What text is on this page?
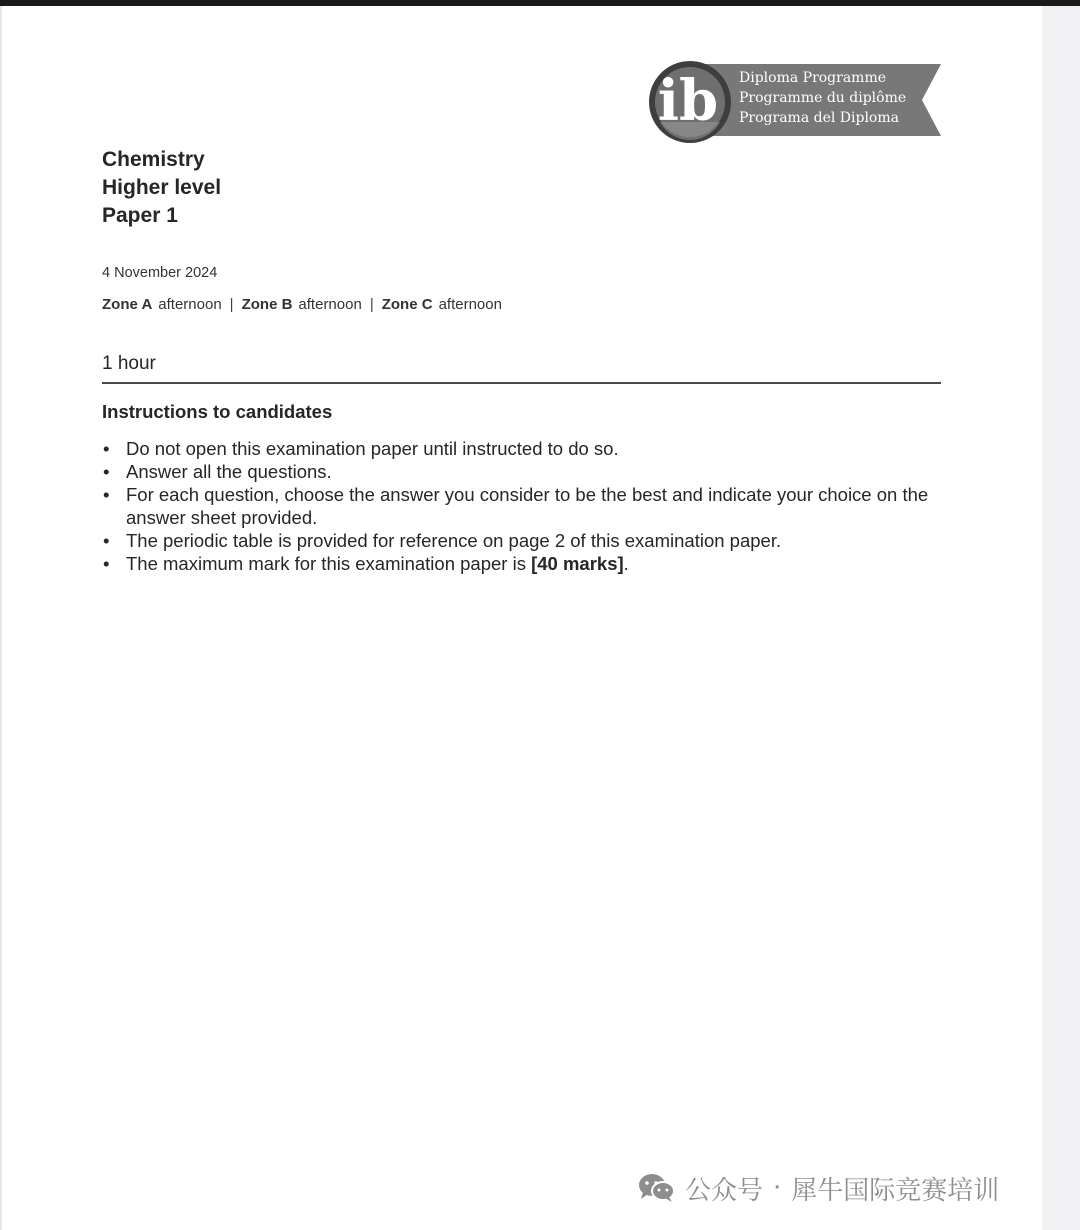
ib Diploma Programme
Programme du diplôme
Programa del Diploma
Chemistry
Higher level
Paper 1
4 November 2024
Zone A afternoon | Zone B afternoon | Zone C afternoon
1 hour
Instructions to candidates
• Do not open this examination paper until instructed to do so.
• Answer all the questions.
• For each question, choose the answer you consider to be the best and indicate your choice on the answer sheet provided.
• The periodic table is provided for reference on page 2 of this examination paper.
• The maximum mark for this examination paper is [40 marks].
公众号 · 犀牛国际竞赛培训
